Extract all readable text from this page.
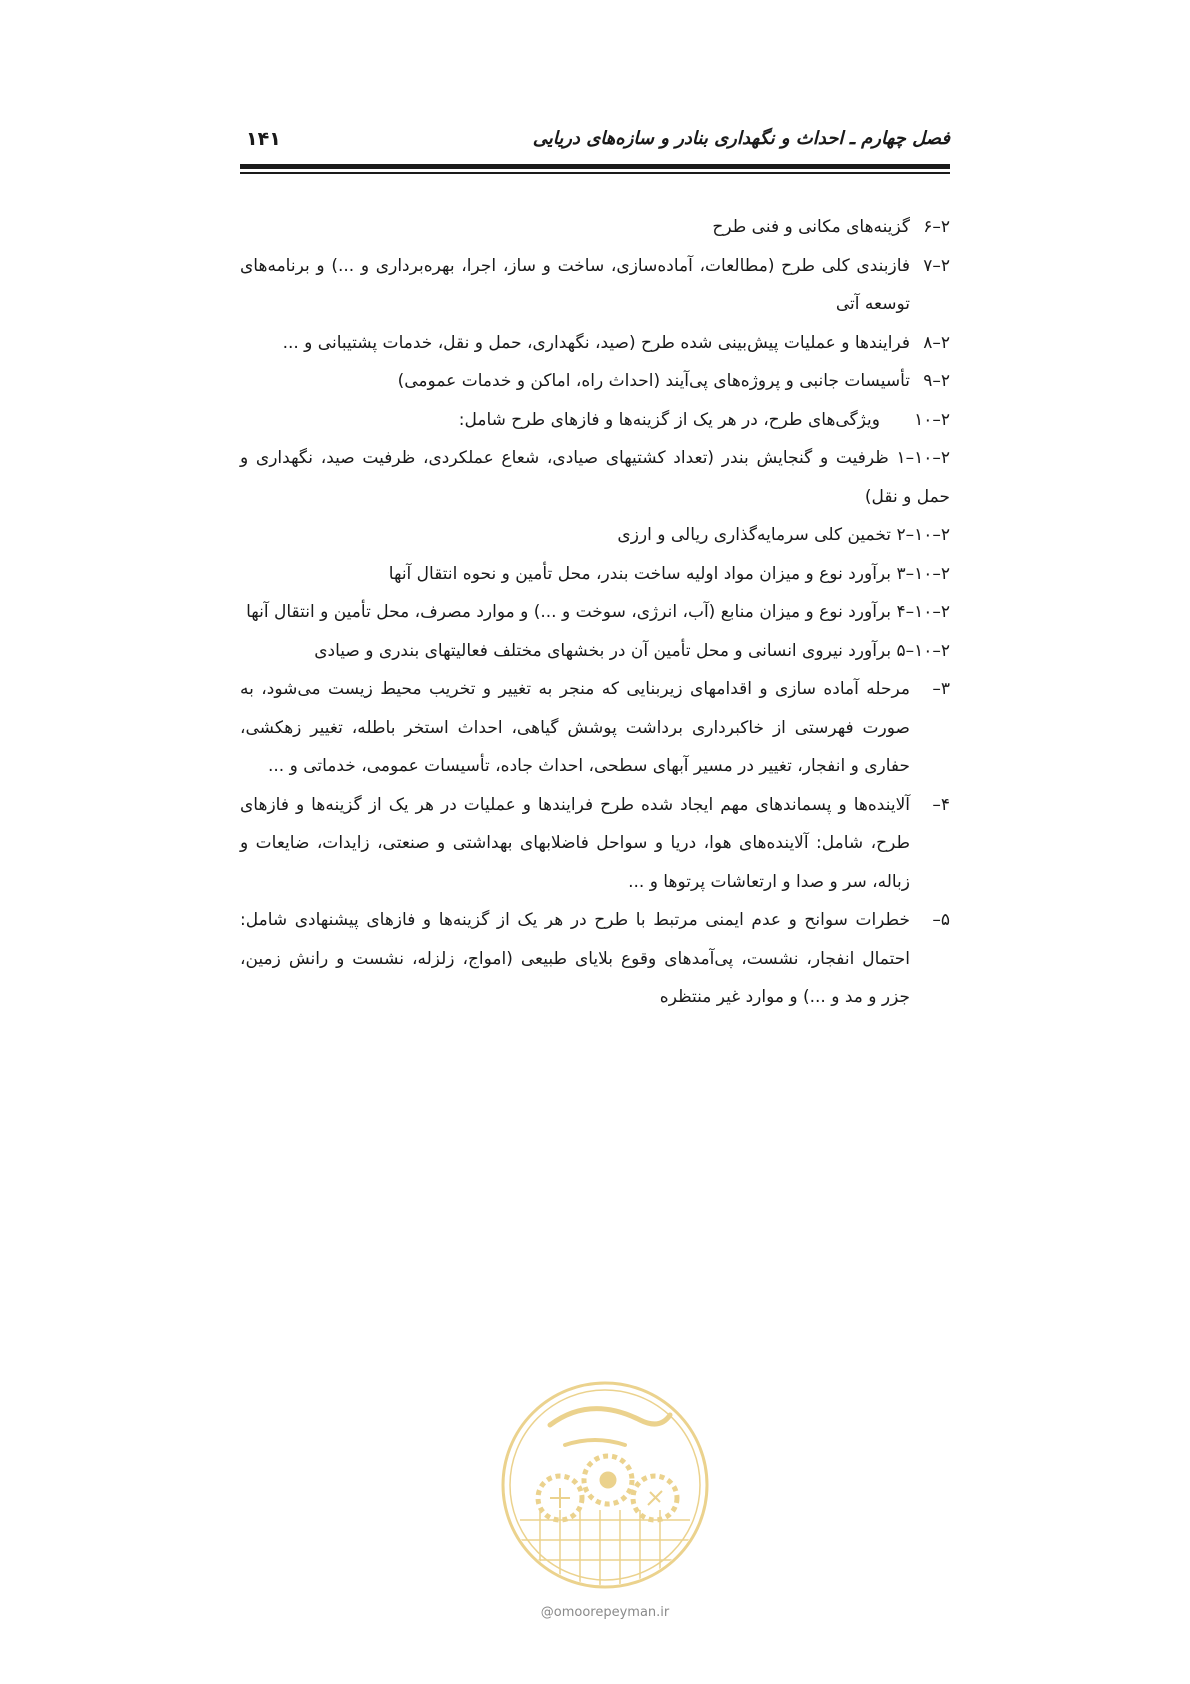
فصل چهارم ـ احداث و نگهداری بنادر و سازه‌های دریایی
۱۴۱

۲–۶
گزینه‌های مکانی و فنی طرح

۲–۷
فازبندی کلی طرح (مطالعات، آماده‌سازی، ساخت و ساز، اجرا، بهره‌برداری و ...) و برنامه‌های توسعه آتی

۲–۸
فرایندها و عملیات پیش‌بینی شده طرح (صید، نگهداری، حمل و نقل، خدمات پشتیبانی و ...

۲–۹
تأسیسات جانبی و پروژه‌های پی‌آیند (احداث راه، اماکن و خدمات عمومی)

۲–۱۰
ویژگی‌های طرح، در هر یک از گزینه‌ها و فازهای طرح شامل:

۲–۱۰–۱ ظرفیت و گنجایش بندر (تعداد کشتیهای صیادی، شعاع عملکردی، ظرفیت صید، نگهداری و حمل و نقل)

۲–۱۰–۲ تخمین کلی سرمایه‌گذاری ریالی و ارزی

۲–۱۰–۳ برآورد نوع و میزان مواد اولیه ساخت بندر، محل تأمین و نحوه انتقال آنها

۲–۱۰–۴ برآورد نوع و میزان منابع (آب، انرژی، سوخت و ...) و موارد مصرف، محل تأمین و انتقال آنها

۲–۱۰–۵ برآورد نیروی انسانی و محل تأمین آن در بخشهای مختلف فعالیتهای بندری و صیادی

۳–
مرحله آماده سازی و اقدامهای زیربنایی که منجر به تغییر و تخریب محیط زیست می‌شود، به صورت فهرستی از خاکبرداری برداشت پوشش گیاهی، احداث استخر باطله، تغییر زهکشی، حفاری و انفجار، تغییر در مسیر آبهای سطحی، احداث جاده، تأسیسات عمومی، خدماتی و ...

۴–
آلاینده‌ها و پسماندهای مهم ایجاد شده طرح فرایندها و عملیات در هر یک از گزینه‌ها و فازهای طرح، شامل: آلاینده‌های هوا، دریا و سواحل فاضلابهای بهداشتی و صنعتی، زایدات، ضایعات و زباله، سر و صدا و ارتعاشات پرتوها و ...

۵–
خطرات سوانح و عدم ایمنی مرتبط با طرح در هر یک از گزینه‌ها و فازهای پیشنهادی شامل: احتمال انفجار، نشست، پی‌آمدهای وقوع بلایای طبیعی (امواج، زلزله، نشست و رانش زمین، جزر و مد و ...) و موارد غیر منتظره

@omoorepeyman.ir
